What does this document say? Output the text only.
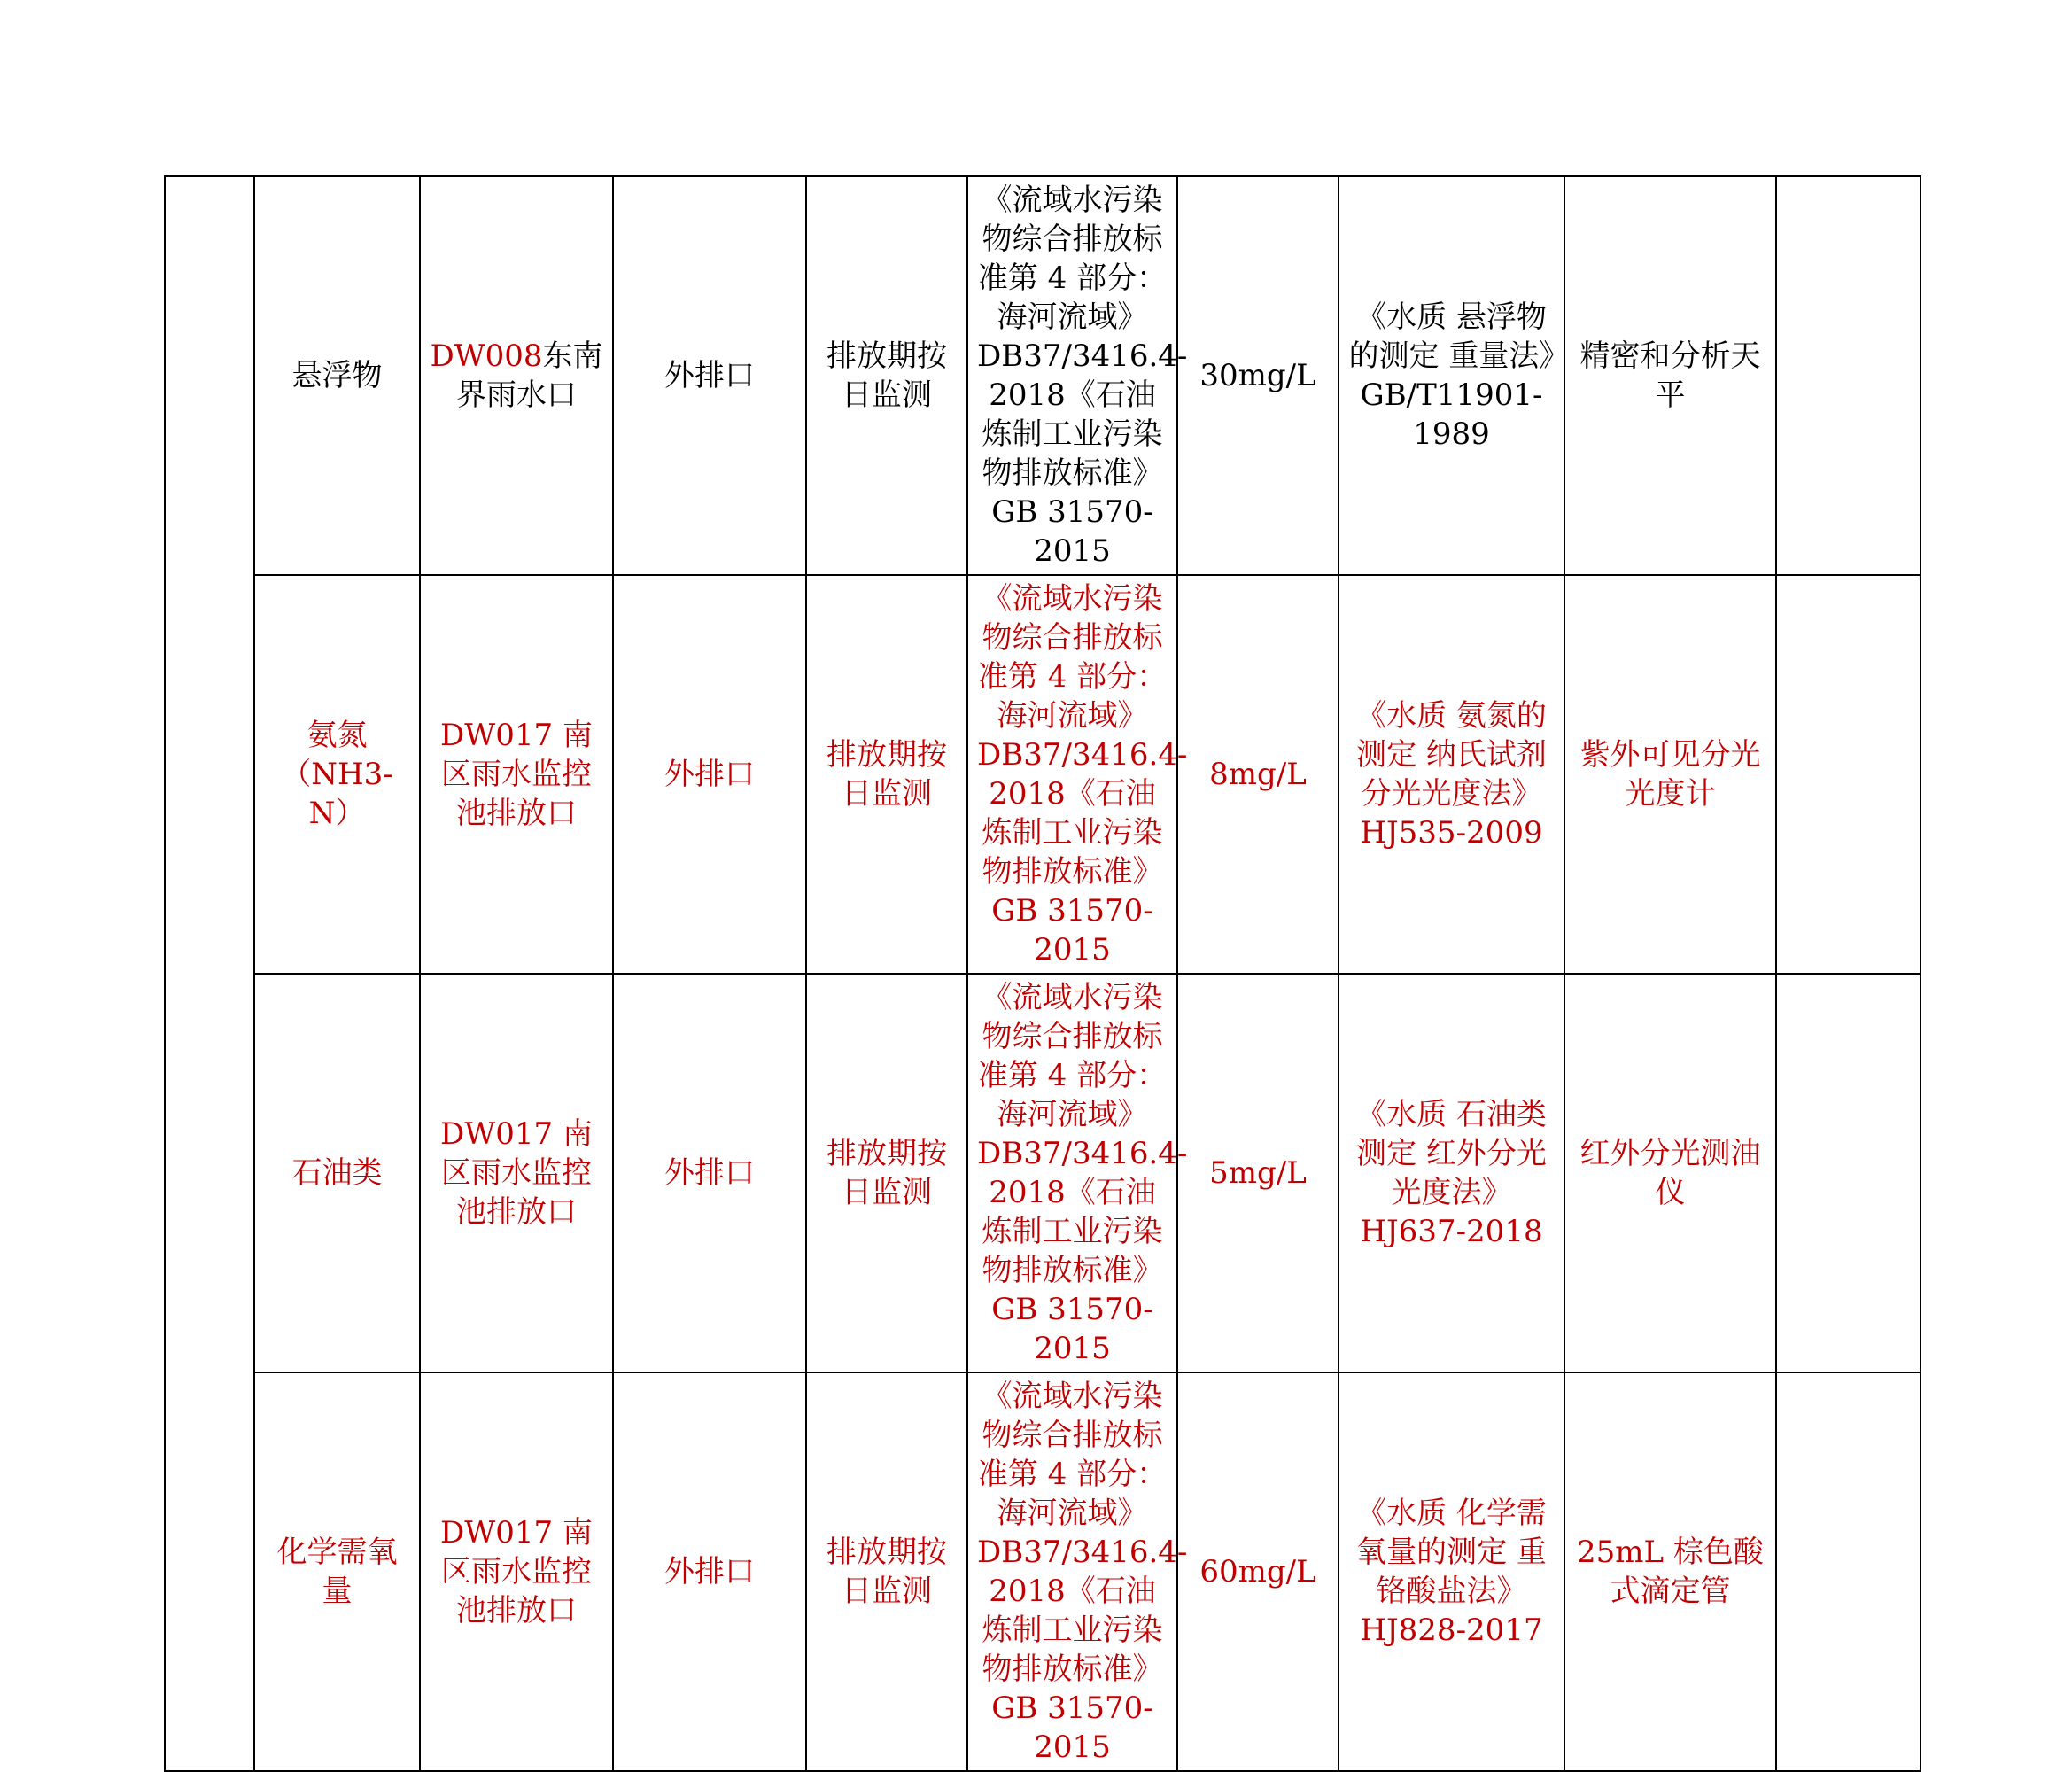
	悬浮物	DW008东南界雨水口	外排口	排放期按日监测	《流域水污染物综合排放标准第 4 部分：海河流域》DB37/3416.4-2018《石油炼制工业污染物排放标准》GB 31570-2015	30mg/L	《水质 悬浮物的测定 重量法》GB/T11901-1989	精密和分析天平	
	氨氮（NH3-N）	DW017 南区雨水监控池排放口	外排口	排放期按日监测	《流域水污染物综合排放标准第 4 部分：海河流域》DB37/3416.4-2018《石油炼制工业污染物排放标准》GB 31570-2015	8mg/L	《水质 氨氮的测定 纳氏试剂分光光度法》HJ535-2009	紫外可见分光光度计	
	石油类	DW017 南区雨水监控池排放口	外排口	排放期按日监测	《流域水污染物综合排放标准第 4 部分：海河流域》DB37/3416.4-2018《石油炼制工业污染物排放标准》GB 31570-2015	5mg/L	《水质 石油类测定 红外分光光度法》HJ637-2018	红外分光测油仪	
	化学需氧量	DW017 南区雨水监控池排放口	外排口	排放期按日监测	《流域水污染物综合排放标准第 4 部分：海河流域》DB37/3416.4-2018《石油炼制工业污染物排放标准》GB 31570-2015	60mg/L	《水质 化学需氧量的测定 重铬酸盐法》HJ828-2017	25mL 棕色酸式滴定管	
